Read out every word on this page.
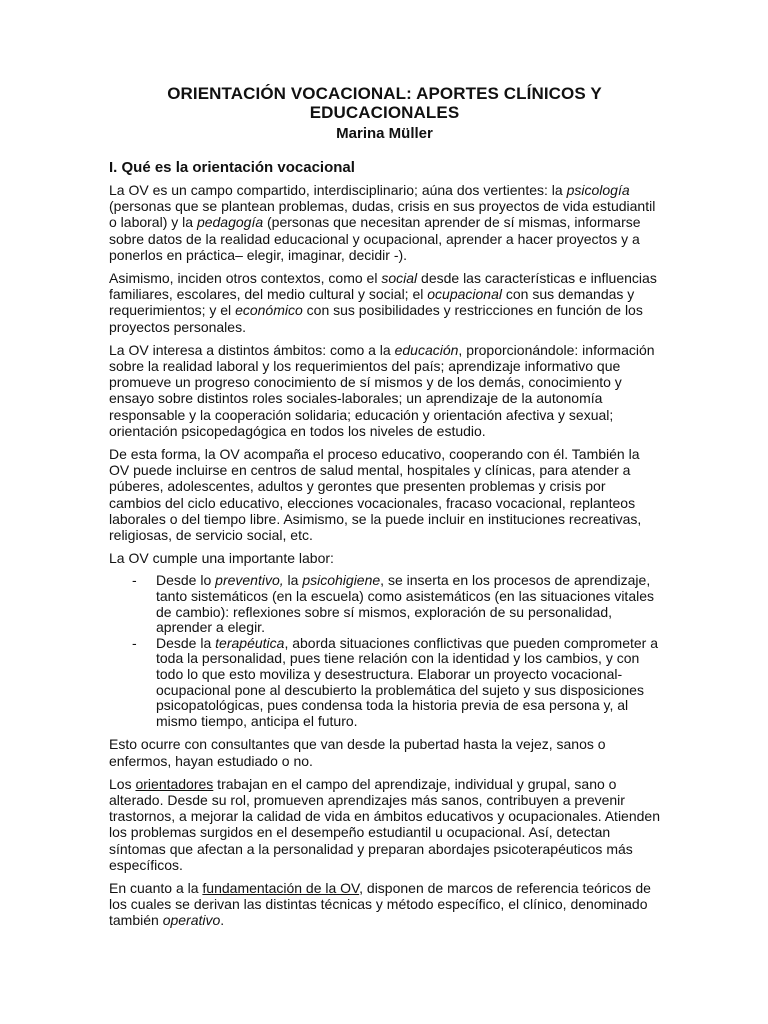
ORIENTACIÓN VOCACIONAL: APORTES CLÍNICOS Y EDUCACIONALES
Marina Müller
I. Qué es la orientación vocacional

La OV es un campo compartido, interdisciplinario; aúna dos vertientes: la psicología (personas que se plantean problemas, dudas, crisis en sus proyectos de vida estudiantil o laboral) y la pedagogía (personas que necesitan aprender de sí mismas, informarse sobre datos de la realidad educacional y ocupacional, aprender a hacer proyectos y a ponerlos en práctica– elegir, imaginar, decidir -).

Asimismo, inciden otros contextos, como el social desde las características e influencias familiares, escolares, del medio cultural y social; el ocupacional con sus demandas y requerimientos; y el económico con sus posibilidades y restricciones en función de los proyectos personales.

La OV interesa a distintos ámbitos: como a la educación, proporcionándole: información sobre la realidad laboral y los requerimientos del país; aprendizaje informativo que promueve un progreso conocimiento de sí mismos y de los demás, conocimiento y ensayo sobre distintos roles sociales-laborales; un aprendizaje de la autonomía responsable y la cooperación solidaria; educación y orientación afectiva y sexual; orientación psicopedagógica en todos los niveles de estudio.

De esta forma, la OV acompaña el proceso educativo, cooperando con él. También la OV puede incluirse en centros de salud mental, hospitales y clínicas, para atender a púberes, adolescentes, adultos y gerontes que presenten problemas y crisis por cambios del ciclo educativo, elecciones vocacionales, fracaso vocacional, replanteos laborales o del tiempo libre. Asimismo, se la puede incluir en instituciones recreativas, religiosas, de servicio social, etc.

La OV cumple una importante labor:

- Desde lo preventivo, la psicohigiene, se inserta en los procesos de aprendizaje, tanto sistemáticos (en la escuela) como asistemáticos (en las situaciones vitales de cambio): reflexiones sobre sí mismos, exploración de su personalidad, aprender a elegir.
- Desde la terapéutica, aborda situaciones conflictivas que pueden comprometer a toda la personalidad, pues tiene relación con la identidad y los cambios, y con todo lo que esto moviliza y desestructura. Elaborar un proyecto vocacional-ocupacional pone al descubierto la problemática del sujeto y sus disposiciones psicopatológicas, pues condensa toda la historia previa de esa persona y, al mismo tiempo, anticipa el futuro.

Esto ocurre con consultantes que van desde la pubertad hasta la vejez, sanos o enfermos, hayan estudiado o no.

Los orientadores trabajan en el campo del aprendizaje, individual y grupal, sano o alterado. Desde su rol, promueven aprendizajes más sanos, contribuyen a prevenir trastornos, a mejorar la calidad de vida en ámbitos educativos y ocupacionales. Atienden los problemas surgidos en el desempeño estudiantil u ocupacional. Así, detectan síntomas que afectan a la personalidad y preparan abordajes psicoterapéuticos más específicos.

En cuanto a la fundamentación de la OV, disponen de marcos de referencia teóricos de los cuales se derivan las distintas técnicas y método específico, el clínico, denominado también operativo.
